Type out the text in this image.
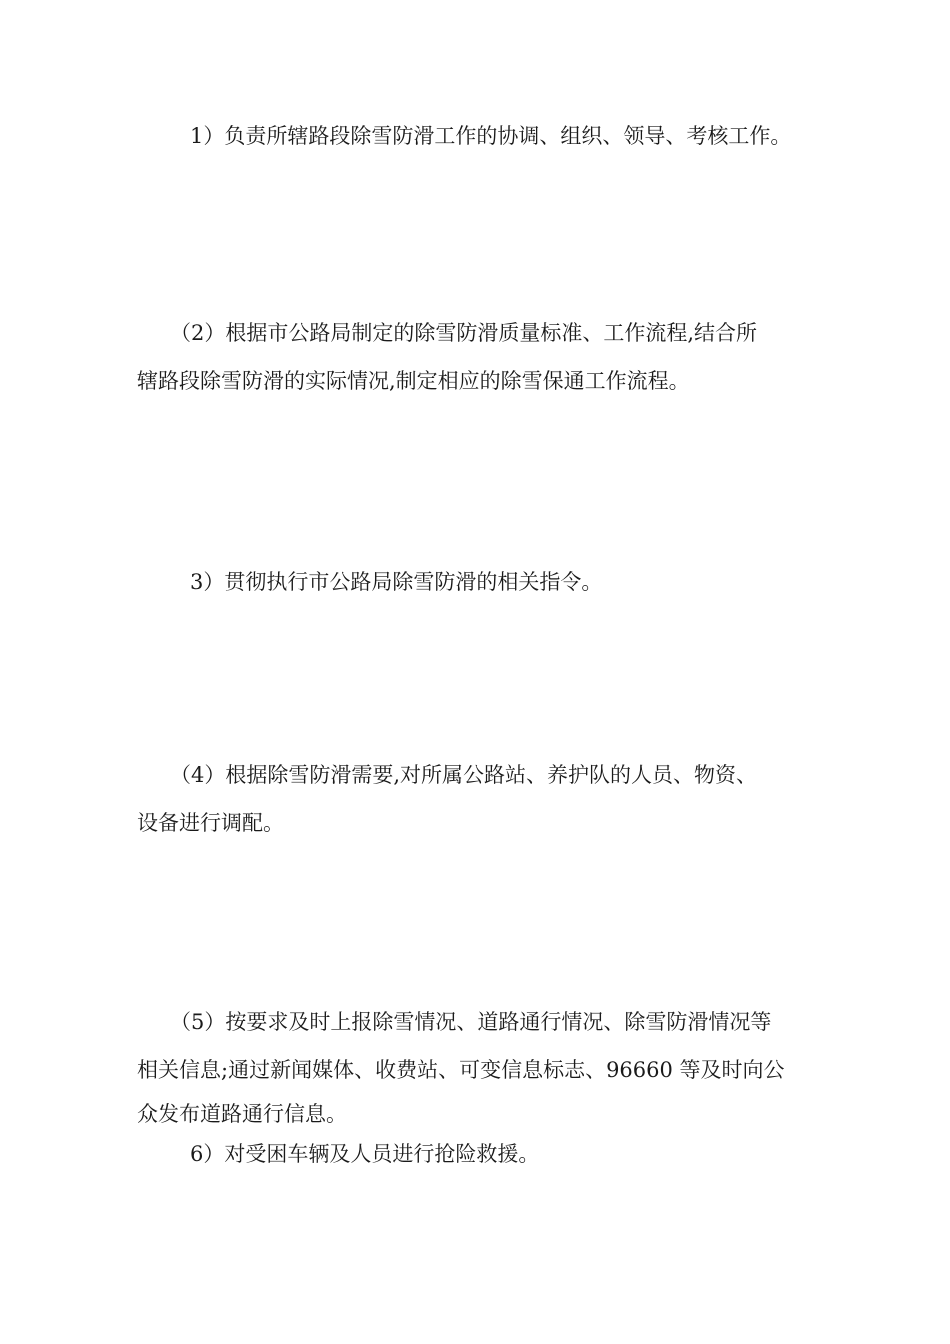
1）负责所辖路段除雪防滑工作的协调、组织、领导、考核工作。
（2）根据市公路局制定的除雪防滑质量标准、工作流程,结合所
辖路段除雪防滑的实际情况,制定相应的除雪保通工作流程。
3）贯彻执行市公路局除雪防滑的相关指令。
（4）根据除雪防滑需要,对所属公路站、养护队的人员、物资、
设备进行调配。
（5）按要求及时上报除雪情况、道路通行情况、除雪防滑情况等
相关信息;通过新闻媒体、收费站、可变信息标志、96660 等及时向公
众发布道路通行信息。
6）对受困车辆及人员进行抢险救援。
